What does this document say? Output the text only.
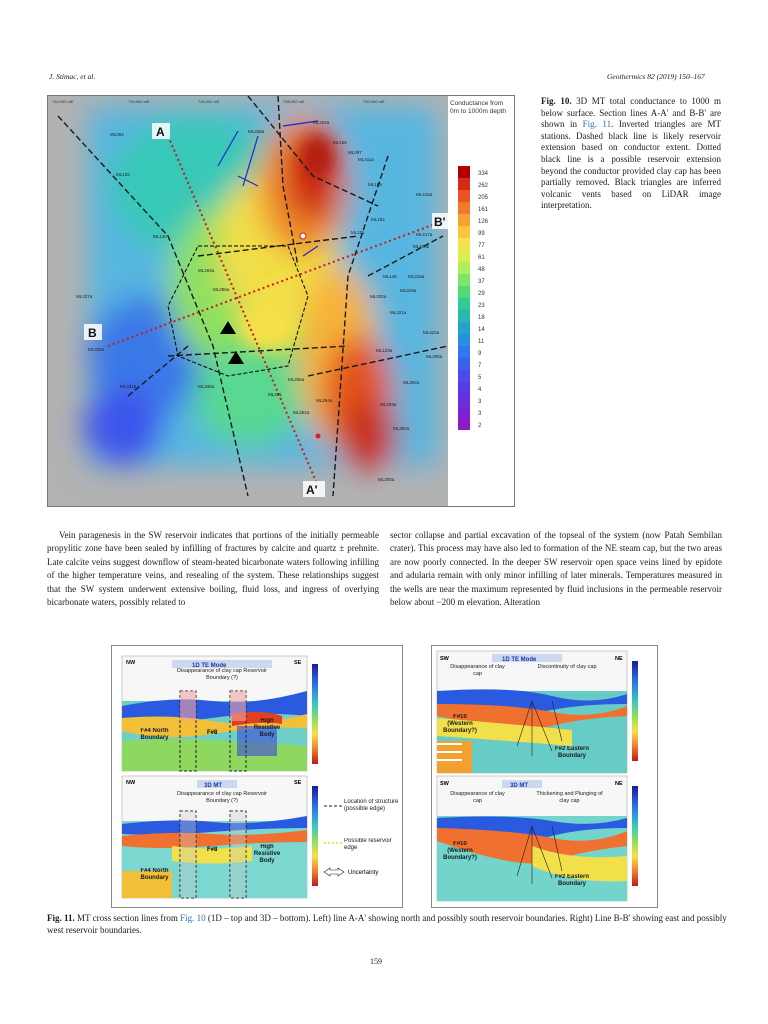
J. Stimac, et al.	Geothermics 82 (2019) 150–167
732,000 mE	734,000 mE	736,000 mE	738,000 mE	740,000 mE
ML094
ML102
ML140
ML327a
ML328a
ML331b	ML330a
ML204a
ML156
ML097
ML105
ML154
ML146 ML316a
ML319a
ML320a
ML321a
ML322a
ML123a
ML305a
ML304a
ML303a
ML302a
ML300a
ML101	ML417a
ML415a
ML406b
ML411a
ML336a
ML291
ML262a
ML286a
ML284a
ML264a
ML265a
A
A'
B
B'
Conductance from 0m to 1000m depth
334
262
205
161
126
99
77
61
48
37
29
23
18
14
11
9
7
5
4
3
3
2
Fig. 10. 3D MT total conductance to 1000 m below surface. Section lines A-A' and B-B' are shown in Fig. 11. Inverted triangles are MT stations. Dashed black line is likely reservoir extension based on conductor extent. Dotted black line is a possible reservoir extension beyond the conductor provided clay cap has been partially removed. Black triangles are inferred volcanic vents based on LiDAR image interpretation.
Vein paragenesis in the SW reservoir indicates that portions of the initially permeable propylitic zone have been sealed by infilling of fractures by calcite and quartz ± prehnite. Late calcite veins suggest downflow of steam-heated bicarbonate waters following infilling of the higher temperature veins, and resealing of the system. These relationships suggest that the SW system underwent extensive boiling, fluid loss, and ingress of overlying bicarbonate waters, possibly related to
sector collapse and partial excavation of the topseal of the system (now Patah Sembilan crater). This process may have also led to formation of the NE steam cap, but the two areas are now poorly connected. In the deeper SW reservoir open space veins lined by epidote and adularia remain with only minor infilling of later minerals. Temperatures measured in the wells are near the maximum represented by fluid inclusions in the permeable reservoir below about −200 m elevation. Alteration
1D TE Mode
NW	SE
Disappearance of clay cap Reservoir Boundary (?)
F#4 North Boundary
F#8
High Resistive Body
3D MT
NW	SE
Disappearance of clay cap Reservoir Boundary (?)
F#4 North Boundary
F#8	High Resistive Body
Location of structure (possible edge)
Possible reservoir edge
Uncertainty
1D TE Mode
SW	NE
Disappearance of clay cap
Discontinuity of clay cap
F#10 (Western Boundary?)
F#2 Eastern Boundary
3D MT
SW	NE
Disappearance of clay cap
Thickening and Plunging of clay cap
F#10 (Western Boundary?)
F#2 Eastern Boundary
Fig. 11. MT cross section lines from Fig. 10 (1D – top and 3D – bottom). Left) line A-A' showing north and possibly south reservoir boundaries. Right) Line B-B' showing east and possibly west reservoir boundaries.
159
